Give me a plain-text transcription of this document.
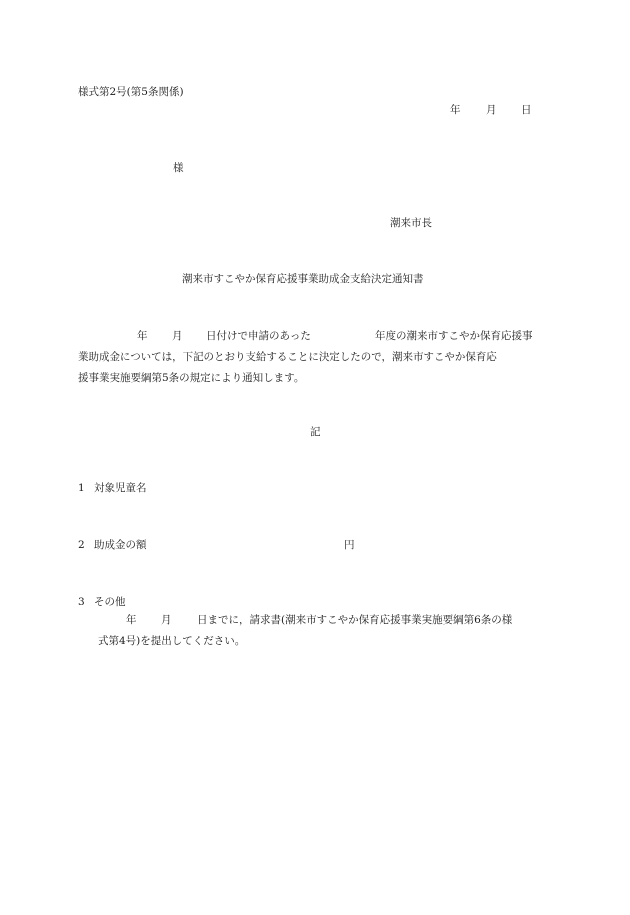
様式第2号(第5条関係)
年 月 日
様
潮来市長
潮来市すこやか保育応援事業助成金支給決定通知書
年 月 日付けで申請のあった	年度の潮来市すこやか保育応援事
業助成金については，下記のとおり支給することに決定したので，潮来市すこやか保育応
援事業実施要綱第5条の規定により通知します。
記
1 対象児童名
2 助成金の額	円
3 その他
年 月 日までに，請求書(潮来市すこやか保育応援事業実施要綱第6条の様
式第4号)を提出してください。
